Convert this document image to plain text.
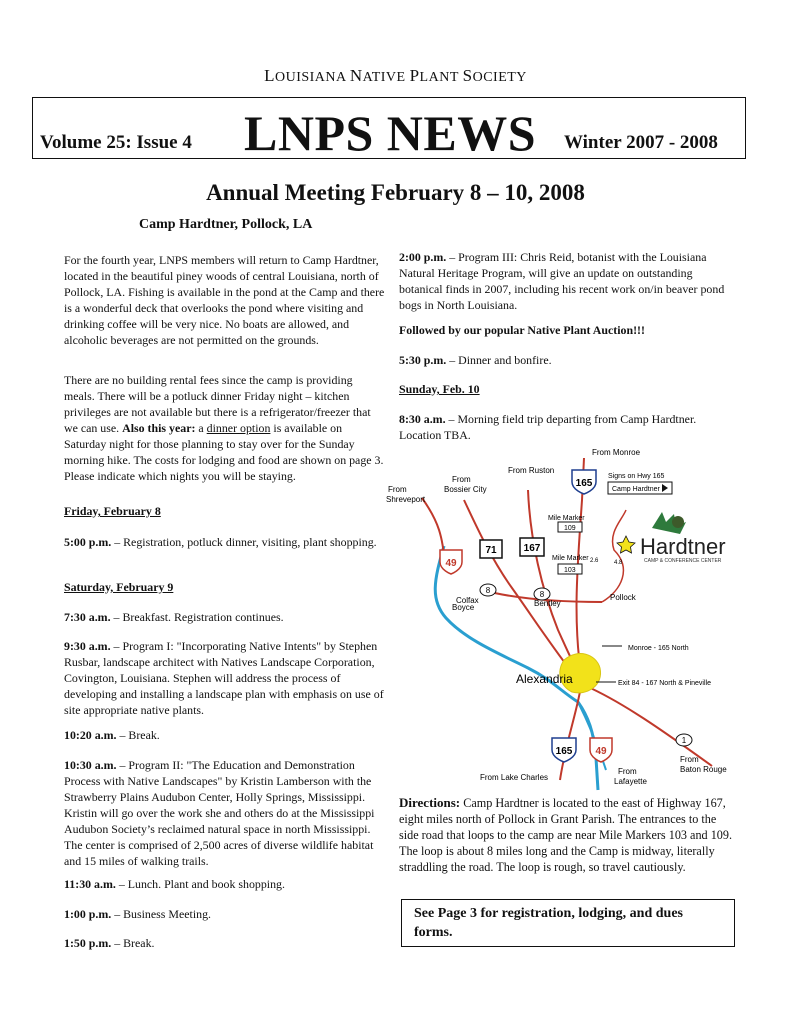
LOUISIANA NATIVE PLANT SOCIETY
Volume 25: Issue 4 LNPS NEWS Winter 2007 - 2008
Annual Meeting February 8 – 10, 2008
Camp Hardtner, Pollock, LA

For the fourth year, LNPS members will return to Camp Hardtner, located in the beautiful piney woods of central Louisiana, north of Pollock, LA. Fishing is available in the pond at the Camp and there is a wonderful deck that overlooks the pond where visiting and drinking coffee will be very nice. No boats are allowed, and alcoholic beverages are not permitted on the grounds.

There are no building rental fees since the camp is providing meals. There will be a potluck dinner Friday night – kitchen privileges are not available but there is a refrigerator/freezer that we can use. Also this year: a dinner option is available on Saturday night for those planning to stay over for the Sunday morning hike. The costs for lodging and food are shown on page 3. Please indicate which nights you will be staying.

Friday, February 8

5:00 p.m. – Registration, potluck dinner, visiting, plant shopping.

Saturday, February 9

7:30 a.m. – Breakfast. Registration continues.

9:30 a.m. – Program I: "Incorporating Native Intents" by Stephen Rusbar, landscape architect with Natives Landscape Corporation, Covington, Louisiana. Stephen will address the process of developing and installing a landscape plan with emphasis on use of site appropriate native plants.

10:20 a.m. – Break.

10:30 a.m. – Program II: "The Education and Demonstration Process with Native Landscapes" by Kristin Lamberson with the Strawberry Plains Audubon Center, Holly Springs, Mississippi. Kristin will go over the work she and others do at the Mississippi Audubon Society’s reclaimed natural space in north Mississippi. The center is comprised of 2,500 acres of diverse wildlife habitat and 15 miles of walking trails.

11:30 a.m. – Lunch. Plant and book shopping.

1:00 p.m. – Business Meeting.

1:50 p.m. – Break.

2:00 p.m. – Program III: Chris Reid, botanist with the Louisiana Natural Heritage Program, will give an update on outstanding botanical finds in 2007, including his recent work on/in beaver pond bogs in North Louisiana.

Followed by our popular Native Plant Auction!!!

5:30 p.m. – Dinner and bonfire.

Sunday, Feb. 10

8:30 a.m. – Morning field trip departing from Camp Hardtner. Location TBA.

165
167
71
49
8	8
165 49
1
From Monroe
From Ruston
From
Bossier City
From
Shreveport
Signs on Hwy 165
Camp Hardtner
Mile Marker
109
Mile Marker 2.6
103
4.8
Hardtner
CAMP & CONFERENCE CENTER
Colfax	Bentley
Pollock
Boyce
Monroe - 165 North
Alexandria	Exit 84 - 167 North & Pineville
From
Baton Rouge
From Lake Charles
From
Lafayette

Directions: Camp Hardtner is located to the east of Highway 167, eight miles north of Pollock in Grant Parish. The entrances to the side road that loops to the camp are near Mile Markers 103 and 109. The loop is about 8 miles long and the Camp is midway, literally straddling the road. The loop is rough, so travel cautiously.

See Page 3 for registration, lodging, and dues forms.
